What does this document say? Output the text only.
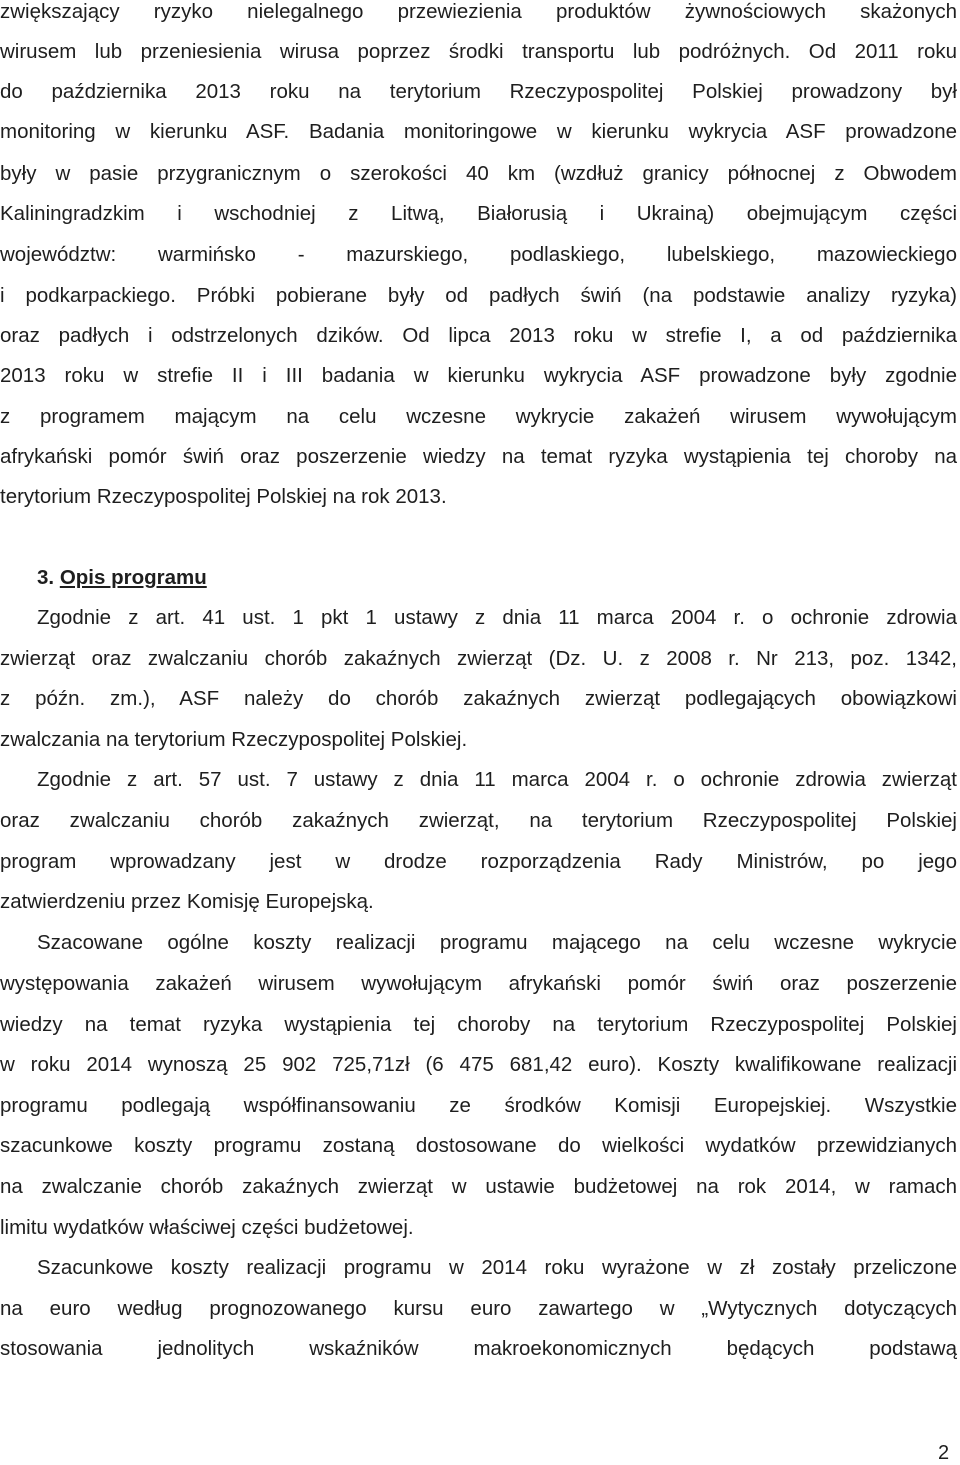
zwiększający ryzyko nielegalnego przewiezienia produktów żywnościowych skażonych
wirusem lub przeniesienia wirusa poprzez środki transportu lub podróżnych. Od 2011 roku
do października 2013 roku na terytorium Rzeczypospolitej Polskiej prowadzony był
monitoring w kierunku ASF. Badania monitoringowe w kierunku wykrycia ASF prowadzone
były w pasie przygranicznym o szerokości 40 km (wzdłuż granicy północnej z Obwodem
Kaliningradzkim i wschodniej z Litwą, Białorusią i Ukrainą) obejmującym części
województw: warmińsko - mazurskiego, podlaskiego, lubelskiego, mazowieckiego
i podkarpackiego. Próbki pobierane były od padłych świń (na podstawie analizy ryzyka)
oraz padłych i odstrzelonych dzików. Od lipca 2013 roku w strefie I, a od października
2013 roku w strefie II i III badania w kierunku wykrycia ASF prowadzone były zgodnie
z programem mającym na celu wczesne wykrycie zakażeń wirusem wywołującym
afrykański pomór świń oraz poszerzenie wiedzy na temat ryzyka wystąpienia tej choroby na
terytorium Rzeczypospolitej Polskiej na rok 2013.
3. Opis programu
Zgodnie z art. 41 ust. 1 pkt 1 ustawy z dnia 11 marca 2004 r. o ochronie zdrowia
zwierząt oraz zwalczaniu chorób zakaźnych zwierząt (Dz. U. z 2008 r. Nr 213, poz. 1342,
z późn. zm.), ASF należy do chorób zakaźnych zwierząt podlegających obowiązkowi
zwalczania na terytorium Rzeczypospolitej Polskiej.
Zgodnie z art. 57 ust. 7 ustawy z dnia 11 marca 2004 r. o ochronie zdrowia zwierząt
oraz zwalczaniu chorób zakaźnych zwierząt, na terytorium Rzeczypospolitej Polskiej
program wprowadzany jest w drodze rozporządzenia Rady Ministrów, po jego
zatwierdzeniu przez Komisję Europejską.
Szacowane ogólne koszty realizacji programu mającego na celu wczesne wykrycie
występowania zakażeń wirusem wywołującym afrykański pomór świń oraz poszerzenie
wiedzy na temat ryzyka wystąpienia tej choroby na terytorium Rzeczypospolitej Polskiej
w roku 2014 wynoszą 25 902 725,71zł (6 475 681,42 euro). Koszty kwalifikowane realizacji
programu podlegają współfinansowaniu ze środków Komisji Europejskiej. Wszystkie
szacunkowe koszty programu zostaną dostosowane do wielkości wydatków przewidzianych
na zwalczanie chorób zakaźnych zwierząt w ustawie budżetowej na rok 2014, w ramach
limitu wydatków właściwej części budżetowej.
Szacunkowe koszty realizacji programu w 2014 roku wyrażone w zł zostały przeliczone
na euro według prognozowanego kursu euro zawartego w „Wytycznych dotyczących
stosowania jednolitych wskaźników makroekonomicznych będących podstawą
2
